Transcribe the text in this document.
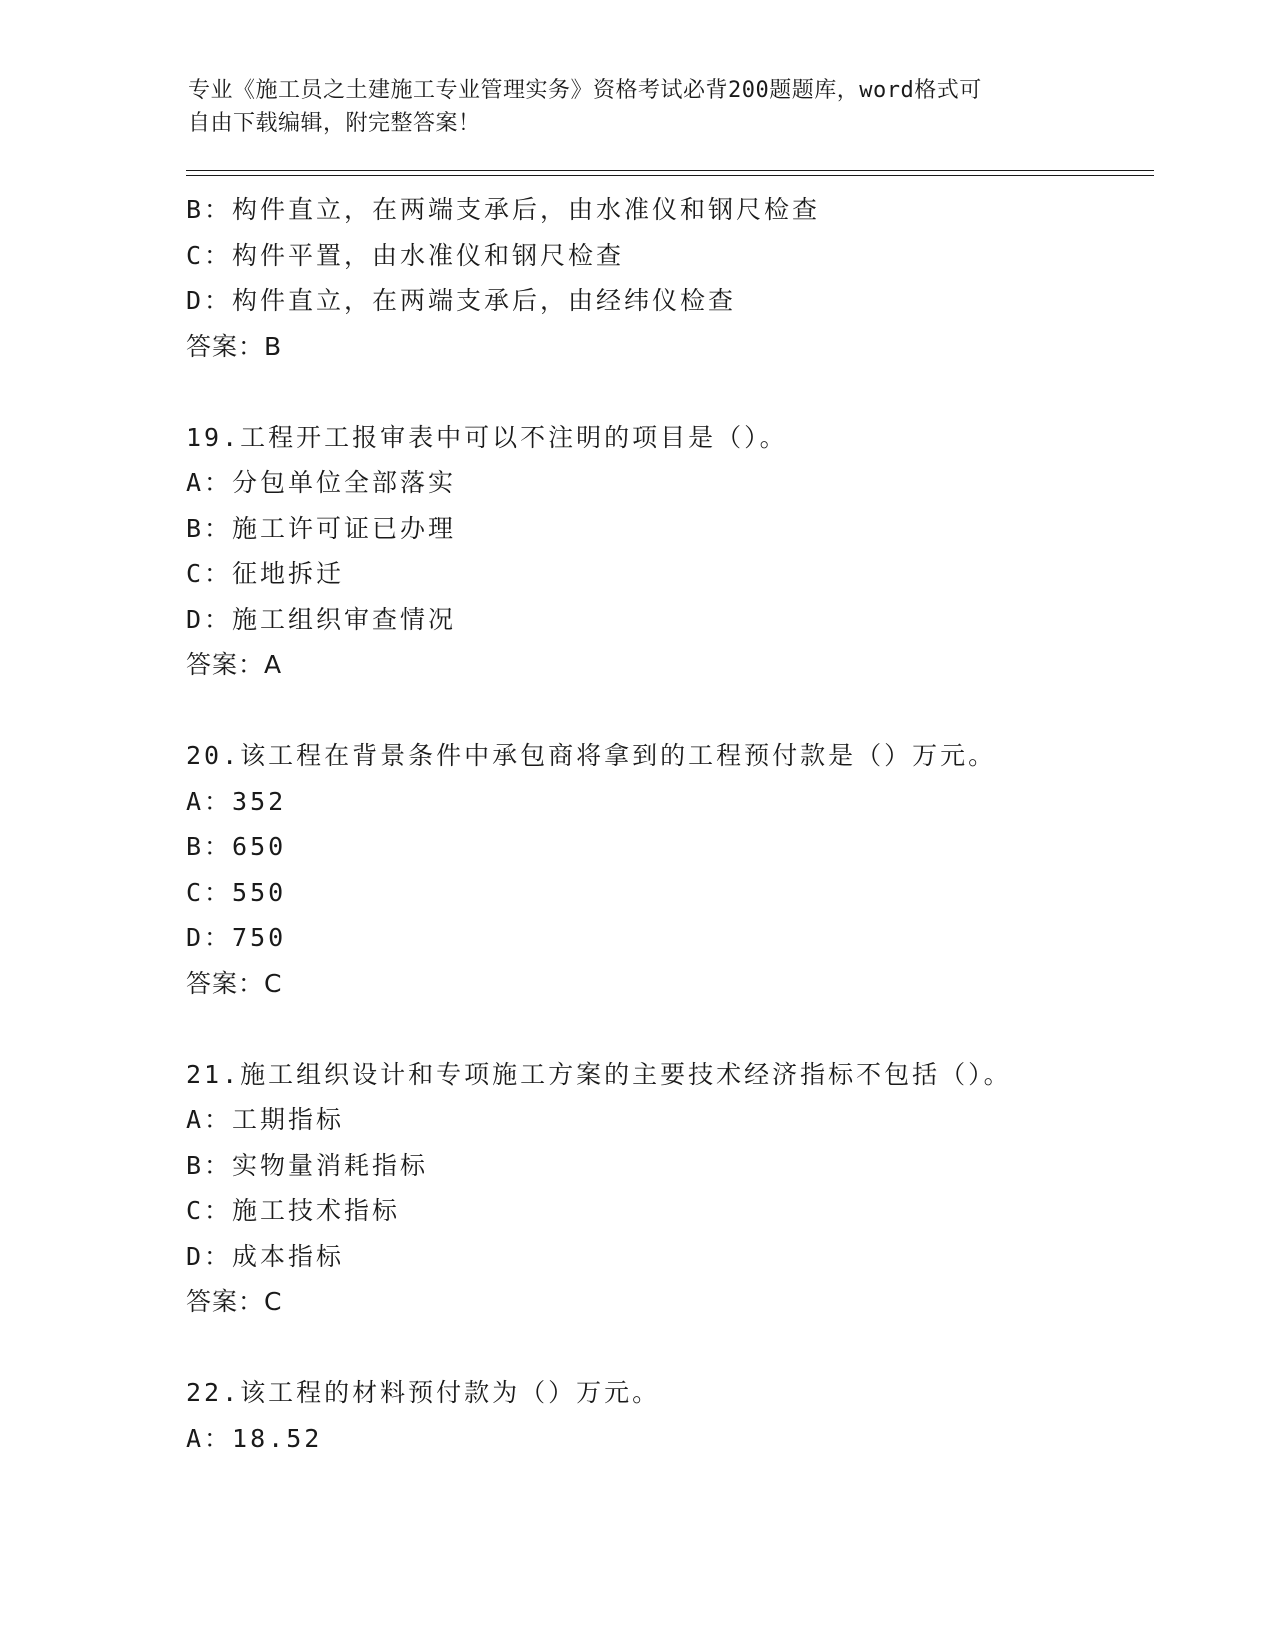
专业《施工员之土建施工专业管理实务》资格考试必背200题题库，word格式可

自由下载编辑，附完整答案！

B：构件直立，在两端支承后，由水准仪和钢尺检查
C：构件平置，由水准仪和钢尺检查
D：构件直立，在两端支承后，由经纬仪检查
答案：B
19.工程开工报审表中可以不注明的项目是（）。
A：分包单位全部落实
B：施工许可证已办理
C：征地拆迁
D：施工组织审查情况
答案：A
20.该工程在背景条件中承包商将拿到的工程预付款是（）万元。
A：352
B：650
C：550
D：750
答案：C
21.施工组织设计和专项施工方案的主要技术经济指标不包括（）。
A：工期指标
B：实物量消耗指标
C：施工技术指标
D：成本指标
答案：C
22.该工程的材料预付款为（）万元。
A：18.52
